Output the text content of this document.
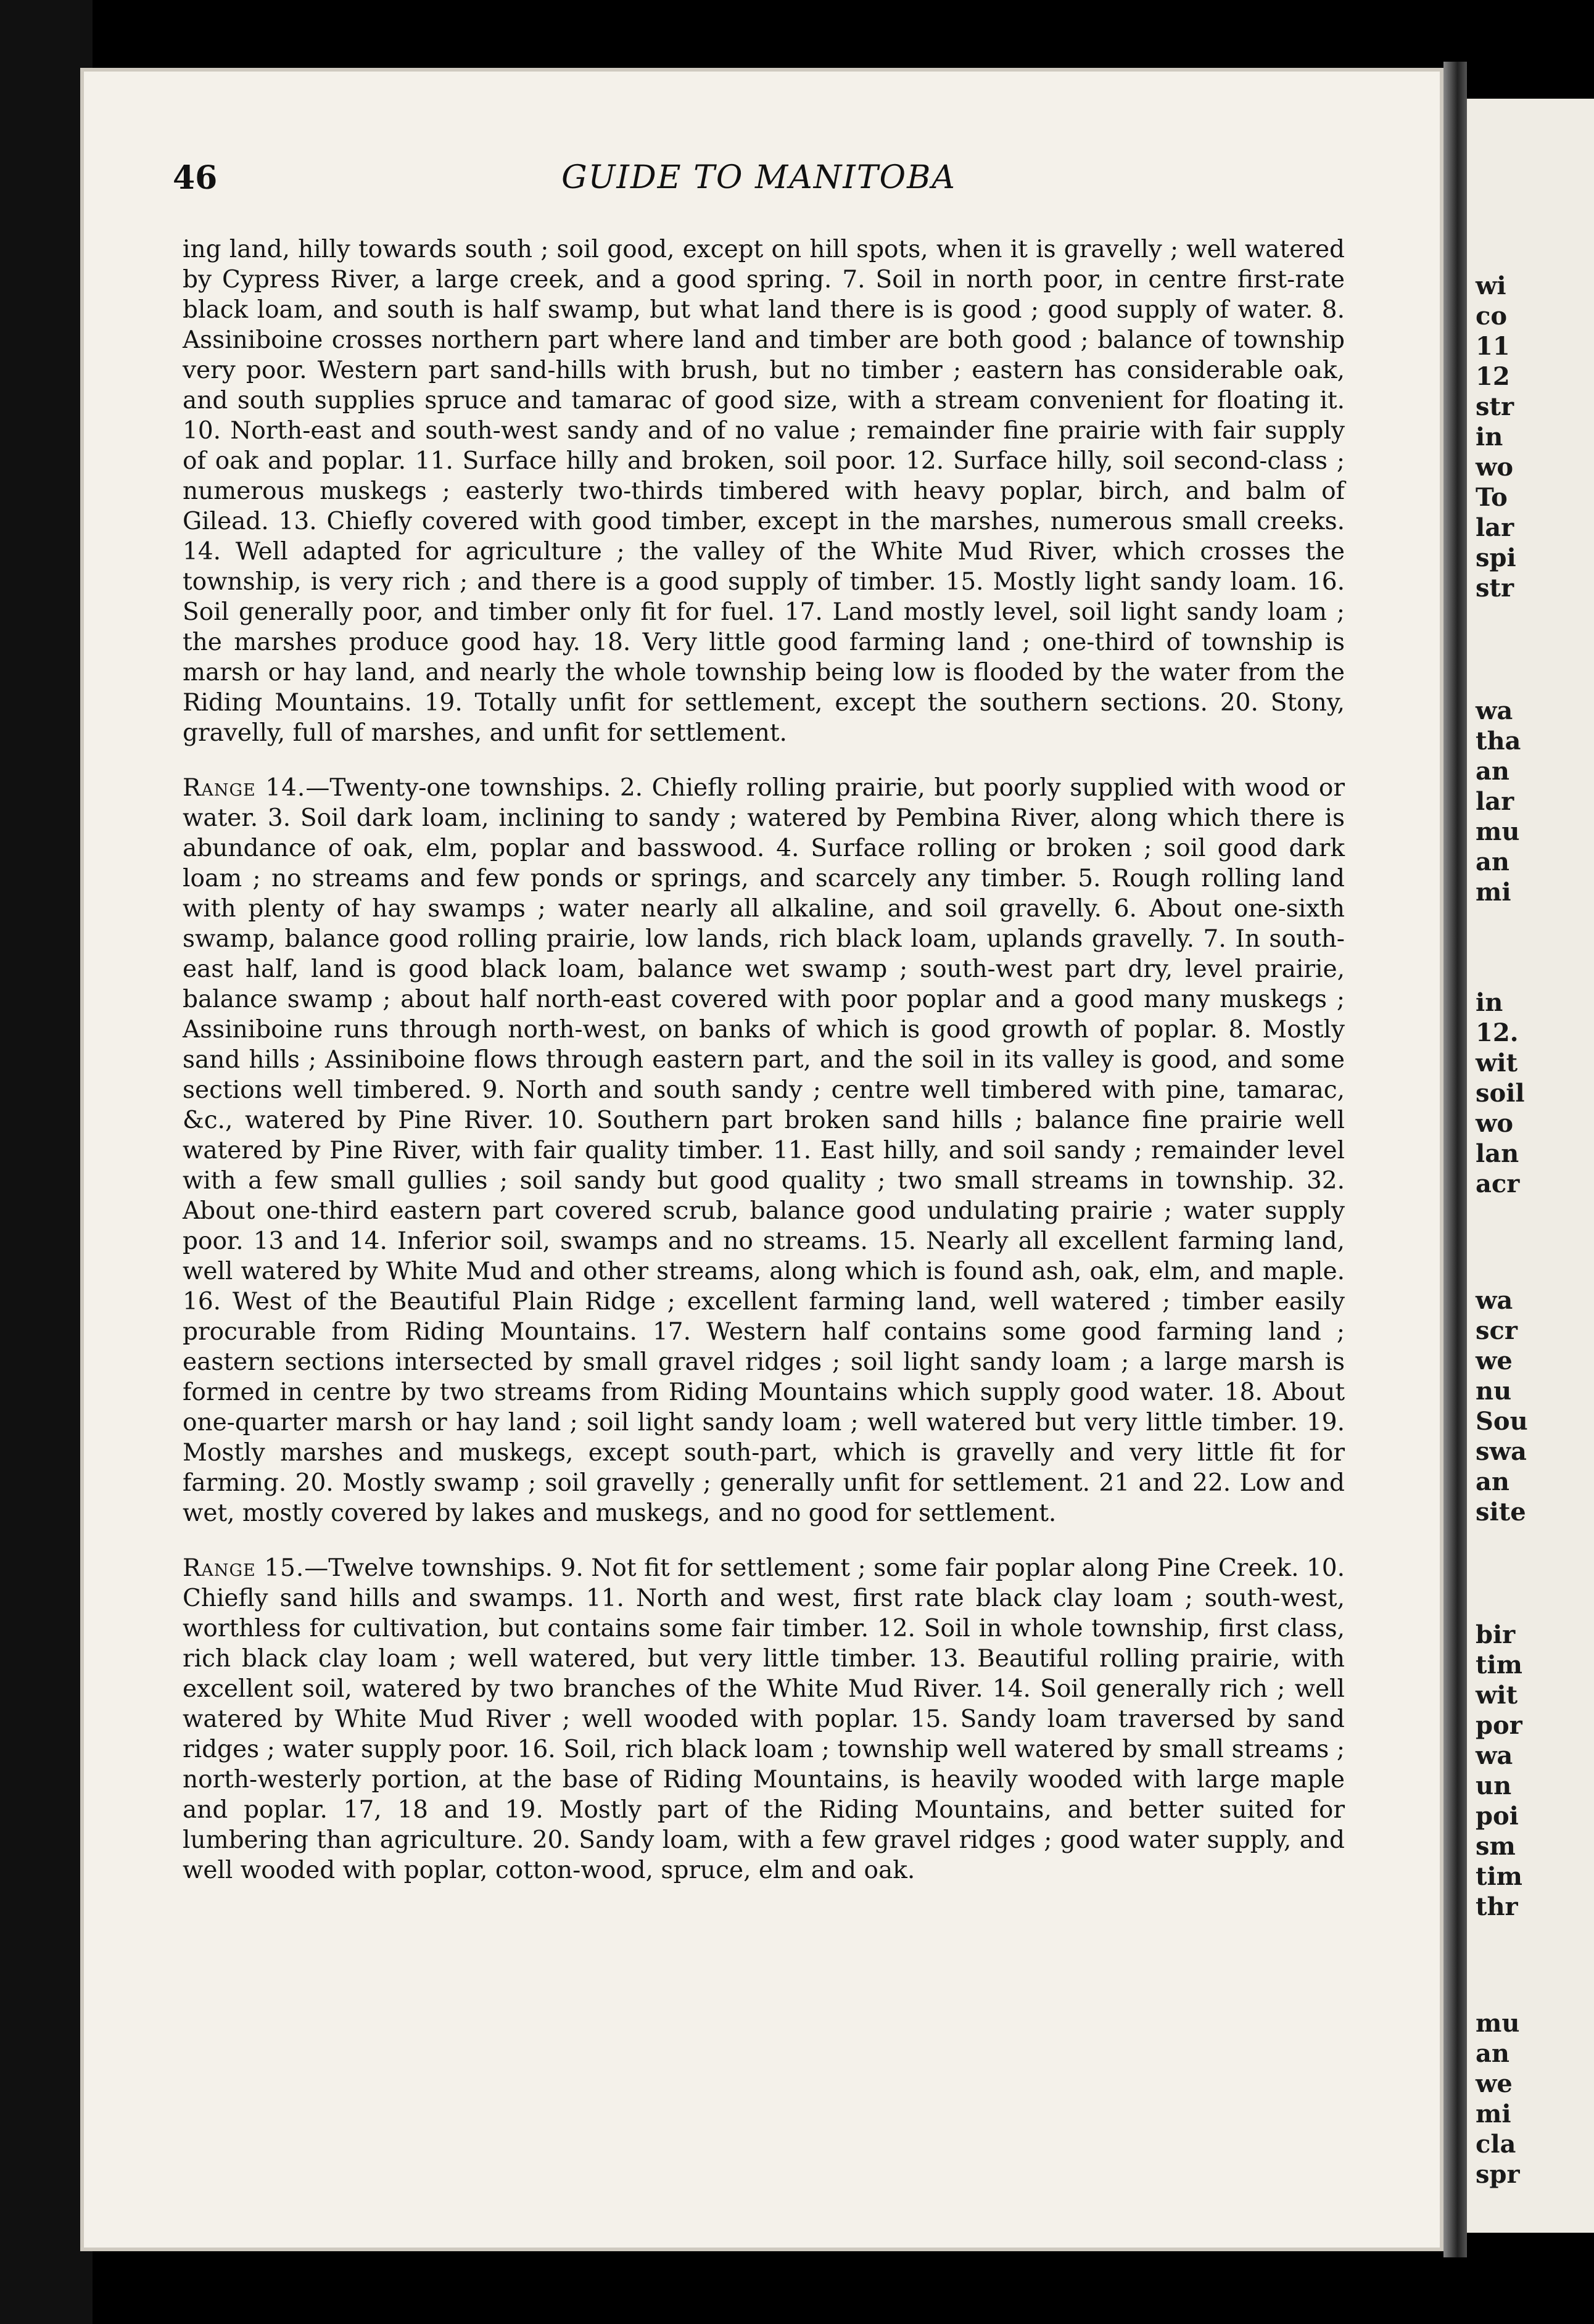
46	GUIDE TO MANITOBA

ing land, hilly towards south ; soil good, except on hill spots, when it is gravelly ; well watered by Cypress River, a large creek, and a good spring. 7. Soil in north poor, in centre first-rate black loam, and south is half swamp, but what land there is is good ; good supply of water. 8. Assiniboine crosses northern part where land and timber are both good ; balance of township very poor. Western part sand-hills with brush, but no timber ; eastern has considerable oak, and south supplies spruce and tamarac of good size, with a stream convenient for floating it. 10. North-east and south-west sandy and of no value ; remainder fine prairie with fair supply of oak and poplar. 11. Surface hilly and broken, soil poor. 12. Surface hilly, soil second-class ; numerous muskegs ; easterly two-thirds timbered with heavy poplar, birch, and balm of Gilead. 13. Chiefly covered with good timber, except in the marshes, numerous small creeks. 14. Well adapted for agriculture ; the valley of the White Mud River, which crosses the township, is very rich ; and there is a good supply of timber. 15. Mostly light sandy loam. 16. Soil generally poor, and timber only fit for fuel. 17. Land mostly level, soil light sandy loam ; the marshes produce good hay. 18. Very little good farming land ; one-third of township is marsh or hay land, and nearly the whole township being low is flooded by the water from the Riding Mountains. 19. Totally unfit for settlement, except the southern sections. 20. Stony, gravelly, full of marshes, and unfit for settlement.

Range 14.—Twenty-one townships. 2. Chiefly rolling prairie, but poorly supplied with wood or water. 3. Soil dark loam, inclining to sandy ; watered by Pembina River, along which there is abundance of oak, elm, poplar and basswood. 4. Surface rolling or broken ; soil good dark loam ; no streams and few ponds or springs, and scarcely any timber. 5. Rough rolling land with plenty of hay swamps ; water nearly all alkaline, and soil gravelly. 6. About one-sixth swamp, balance good rolling prairie, low lands, rich black loam, uplands gravelly. 7. In south-east half, land is good black loam, balance wet swamp ; south-west part dry, level prairie, balance swamp ; about half north-east covered with poor poplar and a good many muskegs ; Assiniboine runs through north-west, on banks of which is good growth of poplar. 8. Mostly sand hills ; Assiniboine flows through eastern part, and the soil in its valley is good, and some sections well timbered. 9. North and south sandy ; centre well timbered with pine, tamarac, &c., watered by Pine River. 10. Southern part broken sand hills ; balance fine prairie well watered by Pine River, with fair quality timber. 11. East hilly, and soil sandy ; remainder level with a few small gullies ; soil sandy but good quality ; two small streams in township. 32. About one-third eastern part covered scrub, balance good undulating prairie ; water supply poor. 13 and 14. Inferior soil, swamps and no streams. 15. Nearly all excellent farming land, well watered by White Mud and other streams, along which is found ash, oak, elm, and maple. 16. West of the Beautiful Plain Ridge ; excellent farming land, well watered ; timber easily procurable from Riding Mountains. 17. Western half contains some good farming land ; eastern sections intersected by small gravel ridges ; soil light sandy loam ; a large marsh is formed in centre by two streams from Riding Mountains which supply good water. 18. About one-quarter marsh or hay land ; soil light sandy loam ; well watered but very little timber. 19. Mostly marshes and muskegs, except south-part, which is gravelly and very little fit for farming. 20. Mostly swamp ; soil gravelly ; generally unfit for settlement. 21 and 22. Low and wet, mostly covered by lakes and muskegs, and no good for settlement.

Range 15.—Twelve townships. 9. Not fit for settlement ; some fair poplar along Pine Creek. 10. Chiefly sand hills and swamps. 11. North and west, first rate black clay loam ; south-west, worthless for cultivation, but contains some fair timber. 12. Soil in whole township, first class, rich black clay loam ; well watered, but very little timber. 13. Beautiful rolling prairie, with excellent soil, watered by two branches of the White Mud River. 14. Soil generally rich ; well watered by White Mud River ; well wooded with poplar. 15. Sandy loam traversed by sand ridges ; water supply poor. 16. Soil, rich black loam ; township well watered by small streams ; north-westerly portion, at the base of Riding Mountains, is heavily wooded with large maple and poplar. 17, 18 and 19. Mostly part of the Riding Mountains, and better suited for lumbering than agriculture. 20. Sandy loam, with a few gravel ridges ; good water supply, and well wooded with poplar, cotton-wood, spruce, elm and oak.

wi
co
11
12
str
in
wo
To
lar
spi
str
wa
tha
an
lar
mu
an
mi
in
12.
wit
soil
wo
lan
acr
wa
scr
we
nu
Sou
swa
an
site
bir
tim
wit
por
wa
un
poi
sm
tim
thr
mu
an
we
mi
cla
spr
